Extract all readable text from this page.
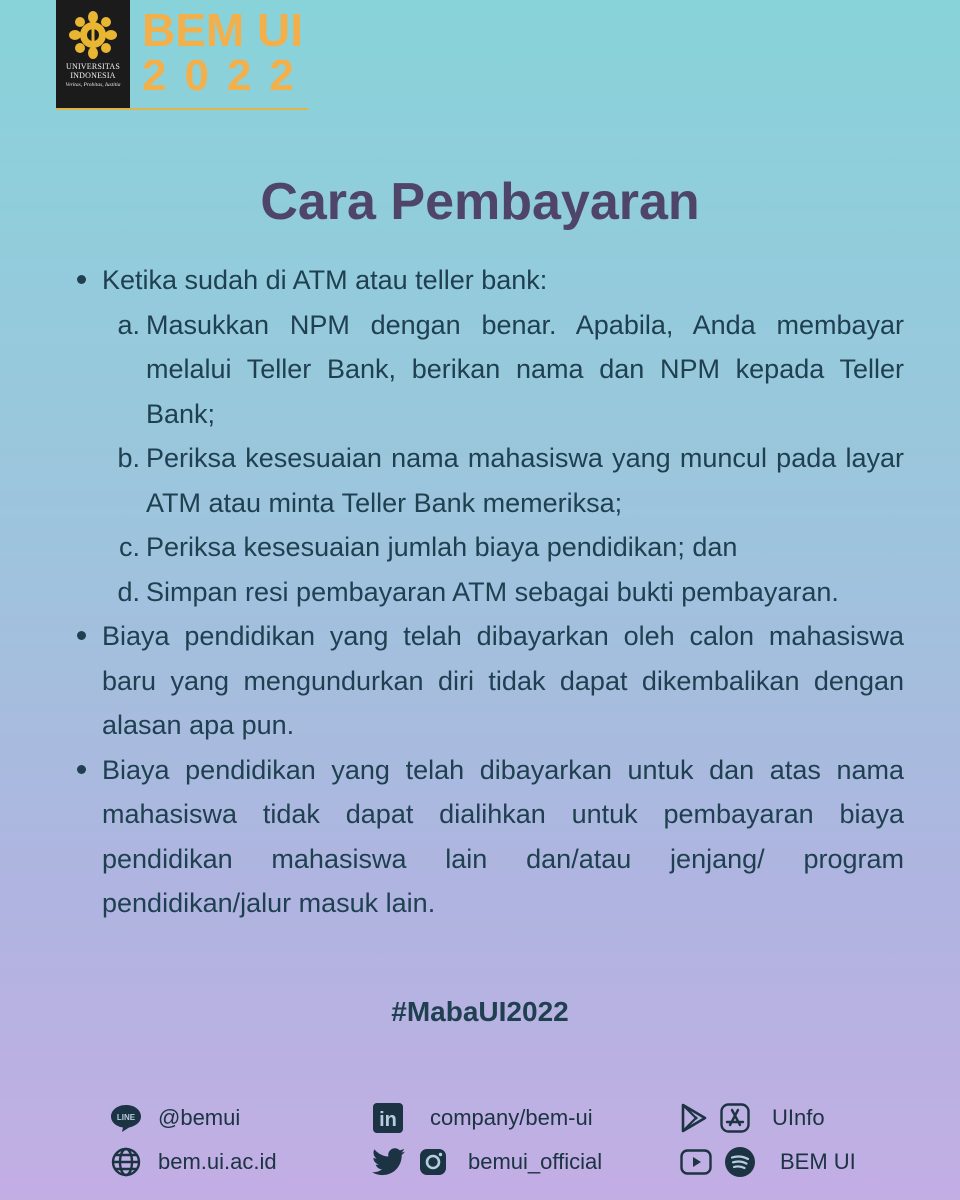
UNIVERSITAS
INDONESIA
Veritas, Probitas, Iustitia
BEM UI
2022
Cara Pembayaran
Ketika sudah di ATM atau teller bank:
a. Masukkan NPM dengan benar. Apabila, Anda membayar melalui Teller Bank, berikan nama dan NPM kepada Teller Bank;
b. Periksa kesesuaian nama mahasiswa yang muncul pada layar ATM atau minta Teller Bank memeriksa;
c. Periksa kesesuaian jumlah biaya pendidikan; dan
d. Simpan resi pembayaran ATM sebagai bukti pembayaran.
Biaya pendidikan yang telah dibayarkan oleh calon mahasiswa baru yang mengundurkan diri tidak dapat dikembalikan dengan alasan apa pun.
Biaya pendidikan yang telah dibayarkan untuk dan atas nama mahasiswa tidak dapat dialihkan untuk pembayaran biaya pendidikan mahasiswa lain dan/atau jenjang/ program pendidikan/jalur masuk lain.
#MabaUI2022
LINE @bemui
bem.ui.ac.id
in company/bem-ui
bemui_official
UInfo
BEM UI
